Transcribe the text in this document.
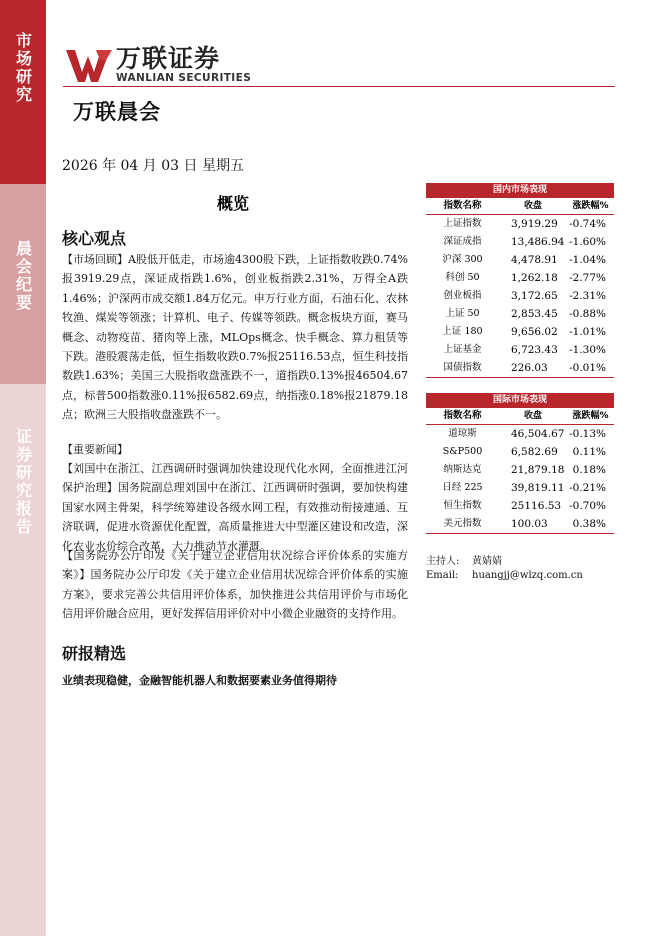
市场研究
晨会纪要
证券研究报告
万联证券
WANLIAN SECURITIES
万联晨会
2026 年 04 月 03 日 星期五
概览
核心观点
【市场回顾】A股低开低走，市场逾4300股下跌，上证指数收跌0.74%报3919.29点，深证成指跌1.6%，创业板指跌2.31%，万得全A跌1.46%；沪深两市成交额1.84万亿元。申万行业方面，石油石化、农林牧渔、煤炭等领涨；计算机、电子、传媒等领跌。概念板块方面，赛马概念、动物疫苗、猪肉等上涨，MLOps概念、快手概念、算力租赁等下跌。港股震荡走低，恒生指数收跌0.7%报25116.53点，恒生科技指数跌1.63%；美国三大股指收盘涨跌不一，道指跌0.13%报46504.67点，标普500指数涨0.11%报6582.69点，纳指涨0.18%报21879.18点；欧洲三大股指收盘涨跌不一。
【重要新闻】
【刘国中在浙江、江西调研时强调加快建设现代化水网，全面推进江河保护治理】国务院副总理刘国中在浙江、江西调研时强调，要加快构建国家水网主骨架，科学统筹建设各级水网工程，有效推动衔接連通、互济联调，促进水资源优化配置，高质量推进大中型灌区建设和改造，深化农业水价综合改革，大力推动节水灌溉。
【国务院办公厅印发《关于建立企业信用状况综合评价体系的实施方案》】国务院办公厅印发《关于建立企业信用状况综合评价体系的实施方案》，要求完善公共信用评价体系，加快推进公共信用评价与市场化信用评价融合应用，更好发挥信用评价对中小微企业融资的支持作用。
研报精选
业绩表现稳健，金融智能机器人和数据要素业务值得期待
国内市场表现
指数名称	收盘	涨跌幅%
上证指数	3,919.29	-0.74%
深证成指	13,486.94 -1.60%
沪深 300	4,478.91	-1.04%
科创 50	1,262.18	-2.77%
创业板指	3,172.65	-2.31%
上证 50	2,853.45	-0.88%
上证 180	9,656.02	-1.01%
上证基金	6,723.43	-1.30%
国债指数	226.03	-0.01%
国际市场表现
指数名称	收盘	涨跌幅%
道琼斯	46,504.67 -0.13%
S&P500	6,582.69	0.11%
纳斯达克	21,879.18 0.18%
日经 225	39,819.11 -0.21%
恒生指数	25116.53 -0.70%
美元指数	100.03	0.38%
主持人:	黄婧婧
Email:	huangjj@wlzq.com.cn
